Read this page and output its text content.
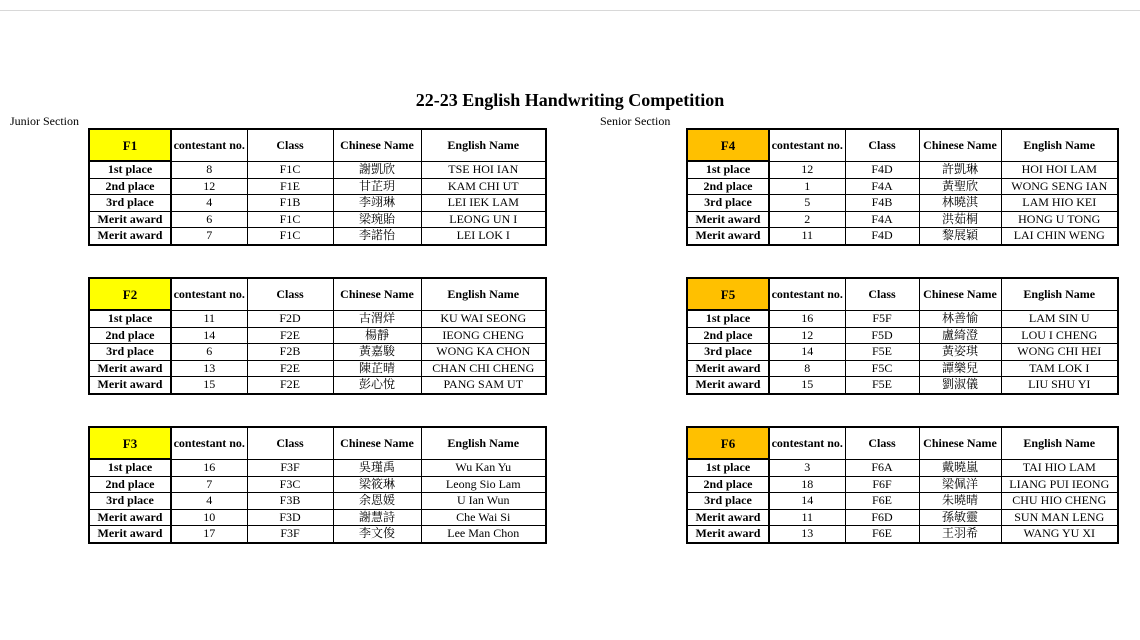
22-23 English Handwriting Competition
Junior Section	Senior Section
F1	contestant no.	Class	Chinese Name	English Name
1st place	8	F1C	謝凱欣	TSE HOI IAN
2nd place	12	F1E	甘芷玥	KAM CHI UT
3rd place	4	F1B	李翊琳	LEI IEK LAM
Merit award	6	F1C	梁琬貽	LEONG UN I
Merit award	7	F1C	李諾怡	LEI LOK I
F2	contestant no.	Class	Chinese Name	English Name
1st place	11	F2D	古渭烊	KU WAI SEONG
2nd place	14	F2E	楊靜	IEONG CHENG
3rd place	6	F2B	黃嘉駿	WONG KA CHON
Merit award	13	F2E	陳芷晴	CHAN CHI CHENG
Merit award	15	F2E	彭心悅	PANG SAM UT
F3	contestant no.	Class	Chinese Name	English Name
1st place	16	F3F	吳瑾禹	Wu Kan Yu
2nd place	7	F3C	梁筱琳	Leong Sio Lam
3rd place	4	F3B	余恩媛	U Ian Wun
Merit award	10	F3D	謝慧詩	Che Wai Si
Merit award	17	F3F	李文俊	Lee Man Chon
F4	contestant no.	Class	Chinese Name	English Name
1st place	12	F4D	許凱琳	HOI HOI LAM
2nd place	1	F4A	黃聖欣	WONG SENG IAN
3rd place	5	F4B	林曉淇	LAM HIO KEI
Merit award	2	F4A	洪茹桐	HONG U TONG
Merit award	11	F4D	黎展穎	LAI CHIN WENG
F5	contestant no.	Class	Chinese Name	English Name
1st place	16	F5F	林善愉	LAM SIN U
2nd place	12	F5D	盧綺澄	LOU I CHENG
3rd place	14	F5E	黃姿琪	WONG CHI HEI
Merit award	8	F5C	譚樂兒	TAM LOK I
Merit award	15	F5E	劉淑儀	LIU SHU YI
F6	contestant no.	Class	Chinese Name	English Name
1st place	3	F6A	戴曉嵐	TAI HIO LAM
2nd place	18	F6F	梁佩洋	LIANG PUI IEONG
3rd place	14	F6E	朱曉晴	CHU HIO CHENG
Merit award	11	F6D	孫敏靈	SUN MAN LENG
Merit award	13	F6E	王羽希	WANG YU XI
